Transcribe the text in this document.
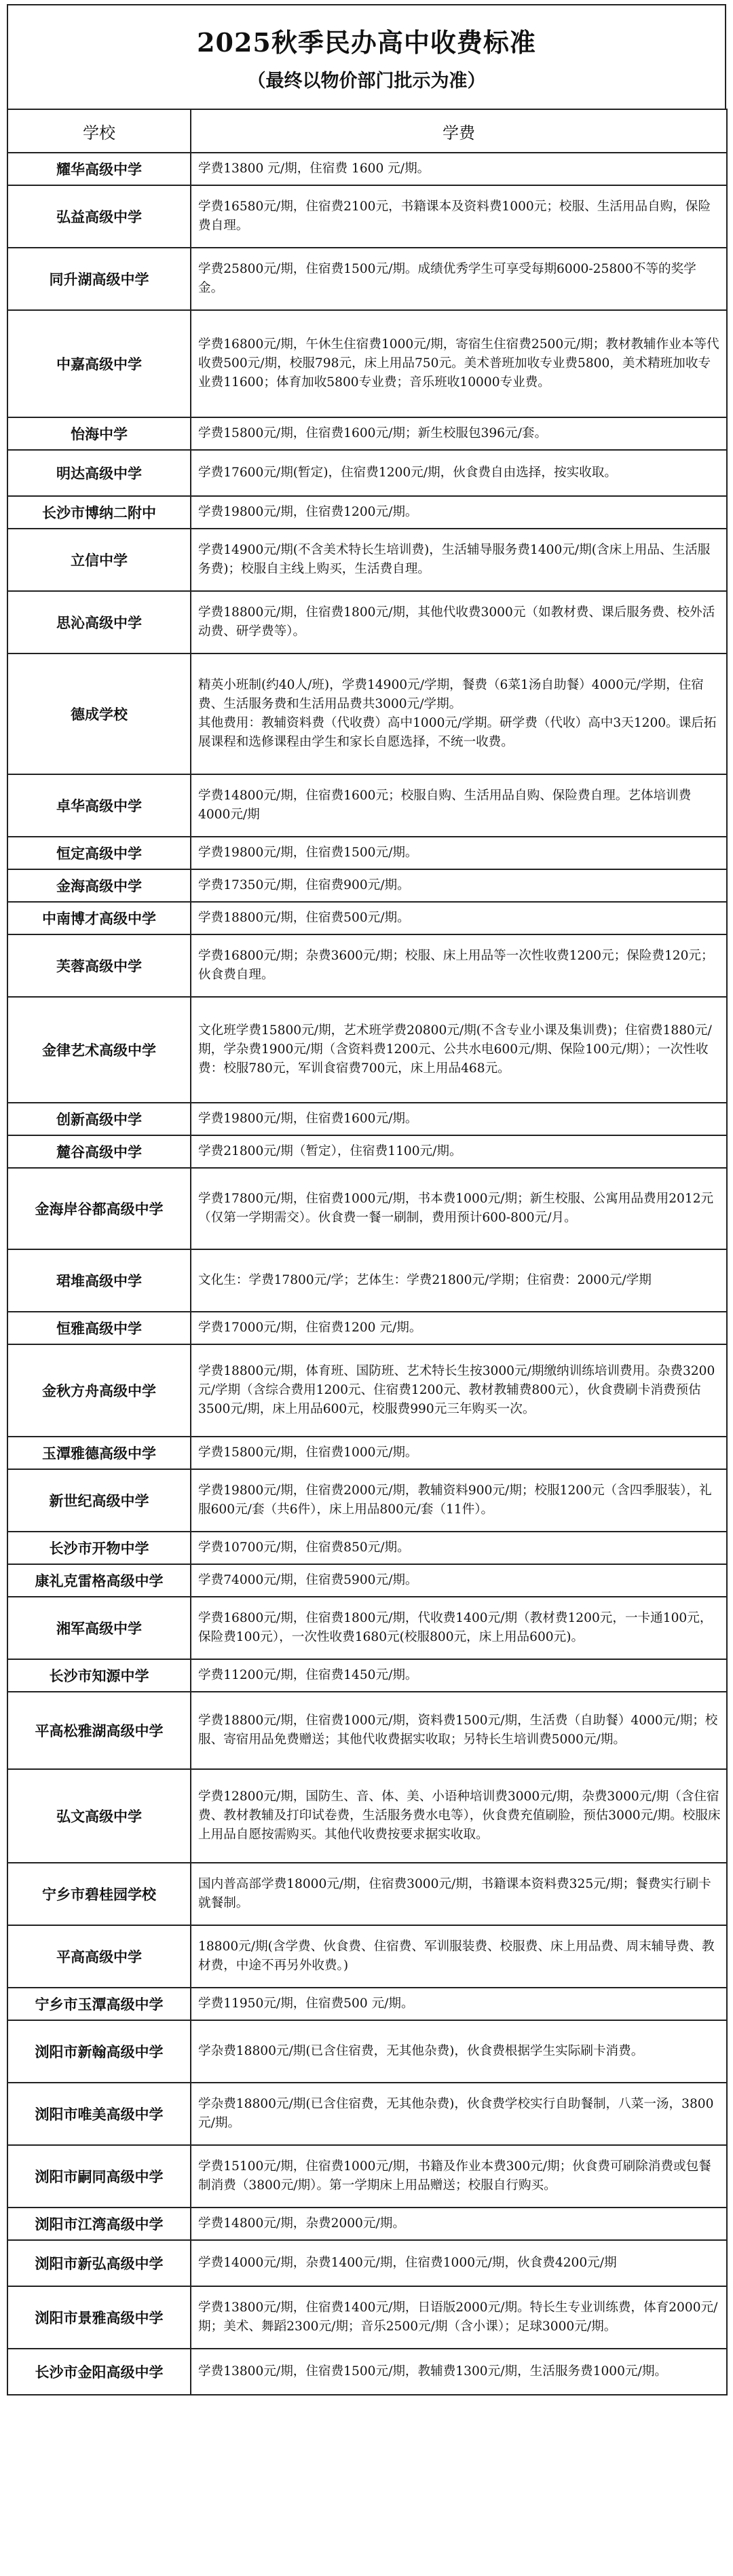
2025秋季民办高中收费标准
（最终以物价部门批示为准）
学校	学费
耀华高级中学	学费13800 元/期，住宿费 1600 元/期。
弘益高级中学	学费16580元/期，住宿费2100元，书籍课本及资料费1000元；校服、生活用品自购，保险费自理。
同升湖高级中学	学费25800元/期，住宿费1500元/期。成绩优秀学生可享受每期6000-25800不等的奖学金。
中嘉高级中学	学费16800元/期，午休生住宿费1000元/期，寄宿生住宿费2500元/期；教材教辅作业本等代收费500元/期，校服798元，床上用品750元。美术普班加收专业费5800，美术精班加收专业费11600；体育加收5800专业费；音乐班收10000专业费。
怡海中学	学费15800元/期，住宿费1600元/期；新生校服包396元/套。
明达高级中学	学费17600元/期(暂定)，住宿费1200元/期，伙食费自由选择，按实收取。
长沙市博纳二附中	学费19800元/期，住宿费1200元/期。
立信中学	学费14900元/期(不含美术特长生培训费)，生活辅导服务费1400元/期(含床上用品、生活服务费)；校服自主线上购买，生活费自理。
思沁高级中学	学费18800元/期，住宿费1800元/期，其他代收费3000元（如教材费、课后服务费、校外活动费、研学费等）。
德成学校	精英小班制(约40人/班)，学费14900元/学期，餐费（6菜1汤自助餐）4000元/学期，住宿费、生活服务费和生活用品费共3000元/学期。
其他费用：教辅资料费（代收费）高中1000元/学期。研学费（代收）高中3天1200。课后拓展课程和选修课程由学生和家长自愿选择，不统一收费。

卓华高级中学	学费14800元/期，住宿费1600元；校服自购、生活用品自购、保险费自理。艺体培训费4000元/期
恒定高级中学	学费19800元/期，住宿费1500元/期。
金海高级中学	学费17350元/期，住宿费900元/期。
中南博才高级中学	学费18800元/期，住宿费500元/期。
芙蓉高级中学	学费16800元/期；杂费3600元/期；校服、床上用品等一次性收费1200元；保险费120元；伙食费自理。
金律艺术高级中学	文化班学费15800元/期，艺术班学费20800元/期(不含专业小课及集训费)；住宿费1880元/期，学杂费1900元/期（含资料费1200元、公共水电600元/期、保险100元/期）；一次性收费：校服780元，军训食宿费700元，床上用品468元。
创新高级中学	学费19800元/期，住宿费1600元/期。
麓谷高级中学	学费21800元/期（暂定），住宿费1100元/期。
金海岸谷都高级中学	学费17800元/期，住宿费1000元/期，书本费1000元/期；新生校服、公寓用品费用2012元（仅第一学期需交）。伙食费一餐一刷制，费用预计600-800元/月。
珺堆高级中学	文化生：学费17800元/学；艺体生：学费21800元/学期；住宿费：2000元/学期
恒雅高级中学	学费17000元/期，住宿费1200 元/期。
金秋方舟高级中学	学费18800元/期，体育班、国防班、艺术特长生按3000元/期缴纳训练培训费用。杂费3200元/学期（含综合费用1200元、住宿费1200元、教材教辅费800元），伙食费刷卡消费预估3500元/期，床上用品600元，校服费990元三年购买一次。
玉潭雅德高级中学	学费15800元/期，住宿费1000元/期。
新世纪高级中学	学费19800元/期，住宿费2000元/期，教辅资料900元/期；校服1200元（含四季服装），礼服600元/套（共6件），床上用品800元/套（11件）。
长沙市开物中学	学费10700元/期，住宿费850元/期。
康礼克雷格高级中学	学费74000元/期，住宿费5900元/期。
湘军高级中学	学费16800元/期，住宿费1800元/期，代收费1400元/期（教材费1200元，一卡通100元，保险费100元），一次性收费1680元(校服800元，床上用品600元)。
长沙市知源中学	学费11200元/期，住宿费1450元/期。
平高松雅湖高级中学	学费18800元/期，住宿费1000元/期，资料费1500元/期，生活费（自助餐）4000元/期；校服、寄宿用品免费赠送；其他代收费据实收取；另特长生培训费5000元/期。
弘文高级中学	学费12800元/期，国防生、音、体、美、小语种培训费3000元/期，杂费3000元/期（含住宿费、教材教辅及打印试卷费，生活服务费水电等），伙食费充值刷脸，预估3000元/期。校服床上用品自愿按需购买。其他代收费按要求据实收取。
宁乡市碧桂园学校	国内普高部学费18000元/期，住宿费3000元/期，书籍课本资料费325元/期；餐费实行刷卡就餐制。
平高高级中学	18800元/期(含学费、伙食费、住宿费、军训服装费、校服费、床上用品费、周末辅导费、教材费，中途不再另外收费。)
宁乡市玉潭高级中学	学费11950元/期，住宿费500 元/期。
浏阳市新翰高级中学	学杂费18800元/期(已含住宿费，无其他杂费)，伙食费根据学生实际刷卡消费。
浏阳市唯美高级中学	学杂费18800元/期(已含住宿费，无其他杂费)，伙食费学校实行自助餐制，八菜一汤，3800元/期。
浏阳市嗣同高级中学	学费15100元/期，住宿费1000元/期，书籍及作业本费300元/期；伙食费可刷除消费或包餐制消费（3800元/期）。第一学期床上用品赠送；校服自行购买。
浏阳市江湾高级中学	学费14800元/期，杂费2000元/期。
浏阳市新弘高级中学	学费14000元/期，杂费1400元/期，住宿费1000元/期，伙食费4200元/期
浏阳市景雅高级中学	学费13800元/期，住宿费1400元/期，日语版2000元/期。特长生专业训练费，体育2000元/期；美术、舞蹈2300元/期；音乐2500元/期（含小课）；足球3000元/期。
长沙市金阳高级中学	学费13800元/期，住宿费1500元/期，教辅费1300元/期，生活服务费1000元/期。
